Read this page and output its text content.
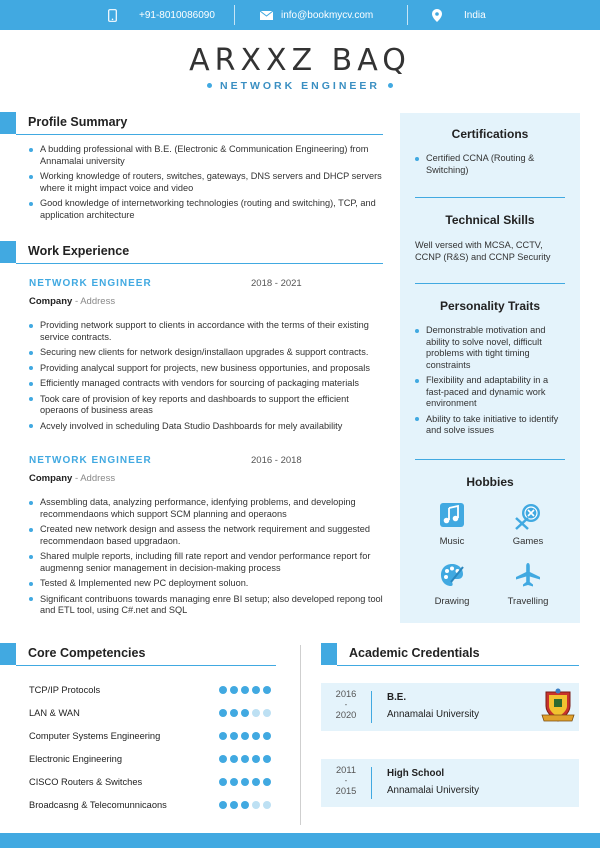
+91-8010086090	info@bookmycv.com	India
ARXXZ BAQ
NETWORK ENGINEER
Profile Summary
A budding professional with B.E. (Electronic & Communication Engineering) from Annamalai university
Working knowledge of routers, switches, gateways, DNS servers and DHCP servers where it might impact voice and video
Good knowledge of internetworking technologies (routing and switching), TCP, and application architecture
Work Experience
NETWORK ENGINEER	2018 - 2021
Company - Address
Providing network support to clients in accordance with the terms of their existing service contracts.
Securing new clients for network design/installaon upgrades & support contracts.
Providing analycal support for projects, new business opportunies, and proposals
Efficiently managed contracts with vendors for sourcing of packaging materials
Took care of provision of key reports and dashboards to support the efficient operaons of business areas
Acvely involved in scheduling Data Studio Dashboards for mely availability
NETWORK ENGINEER	2016 - 2018
Company - Address
Assembling data, analyzing performance, idenfying problems, and developing recommendaons which support SCM planning and operaons
Created new network design and assess the network requirement and suggested recommendaon based upgradaon.
Shared mulple reports, including fill rate report and vendor performance report for augmenng senior management in decision-making process
Tested & Implemented new PC deployment soluon.
Significant contribuons towards managing enre BI setup; also developed repong tool and ETL tool, using C#.net and SQL
Certifications
Certified CCNA (Routing & Switching)
Technical Skills
Well versed with MCSA, CCTV, CCNP (R&S) and CCNP Security
Personality Traits
Demonstrable motivation and ability to solve novel, difficult problems with tight timing constraints
Flexibility and adaptability in a fast-paced and dynamic work environment
Ability to take initiative to identify and solve issues
Hobbies
Music	Games
Drawing	Travelling
Core Competencies
TCP/IP Protocols
LAN & WAN
Computer Systems Engineering
Electronic Engineering
CISCO Routers & Switches
Broadcasng & Telecomunnicaons
Academic Credentials
2016
-
2020
B.E.
Annamalai University
2011
-
2015
High School
Annamalai University
